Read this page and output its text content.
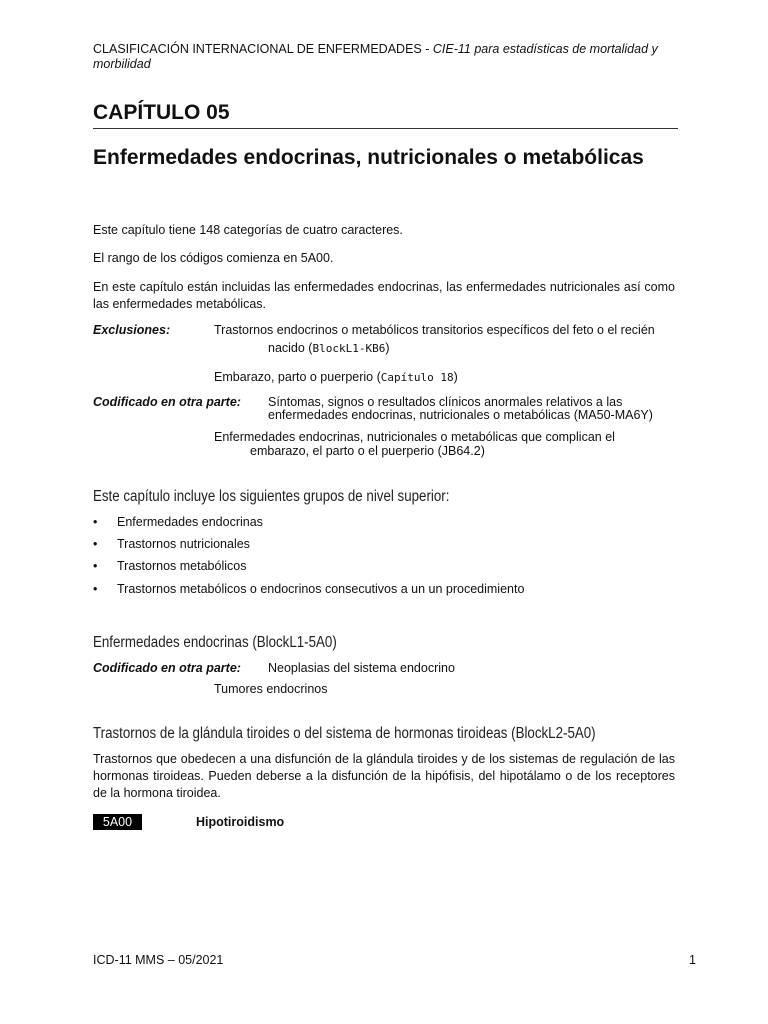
CLASIFICACIÓN INTERNACIONAL DE ENFERMEDADES - CIE-11 para estadísticas de mortalidad y morbilidad
CAPÍTULO 05
Enfermedades endocrinas, nutricionales o metabólicas
Este capítulo tiene 148 categorías de cuatro caracteres.
El rango de los códigos comienza en 5A00.
En este capítulo están incluidas las enfermedades endocrinas, las enfermedades nutricionales así como las enfermedades metabólicas.
Exclusiones:	Trastornos endocrinos o metabólicos transitorios específicos del feto o el recién
nacido (BlockL1-KB6)
Embarazo, parto o puerperio (Capítulo 18)
Codificado en otra parte: Síntomas, signos o resultados clínicos anormales relativos a las
enfermedades endocrinas, nutricionales o metabólicas (MA50-MA6Y)
Enfermedades endocrinas, nutricionales o metabólicas que complican el
embarazo, el parto o el puerperio (JB64.2)
Este capítulo incluye los siguientes grupos de nivel superior:
• Enfermedades endocrinas
• Trastornos nutricionales
• Trastornos metabólicos
• Trastornos metabólicos o endocrinos consecutivos a un un procedimiento
Enfermedades endocrinas (BlockL1-5A0)
Codificado en otra parte: Neoplasias del sistema endocrino
Tumores endocrinos
Trastornos de la glándula tiroides o del sistema de hormonas tiroideas (BlockL2-5A0)
Trastornos que obedecen a una disfunción de la glándula tiroides y de los sistemas de regulación de las hormonas tiroideas. Pueden deberse a la disfunción de la hipófisis, del hipotálamo o de los receptores de la hormona tiroidea.
5A00	Hipotiroidismo
ICD-11 MMS – 05/2021	1
